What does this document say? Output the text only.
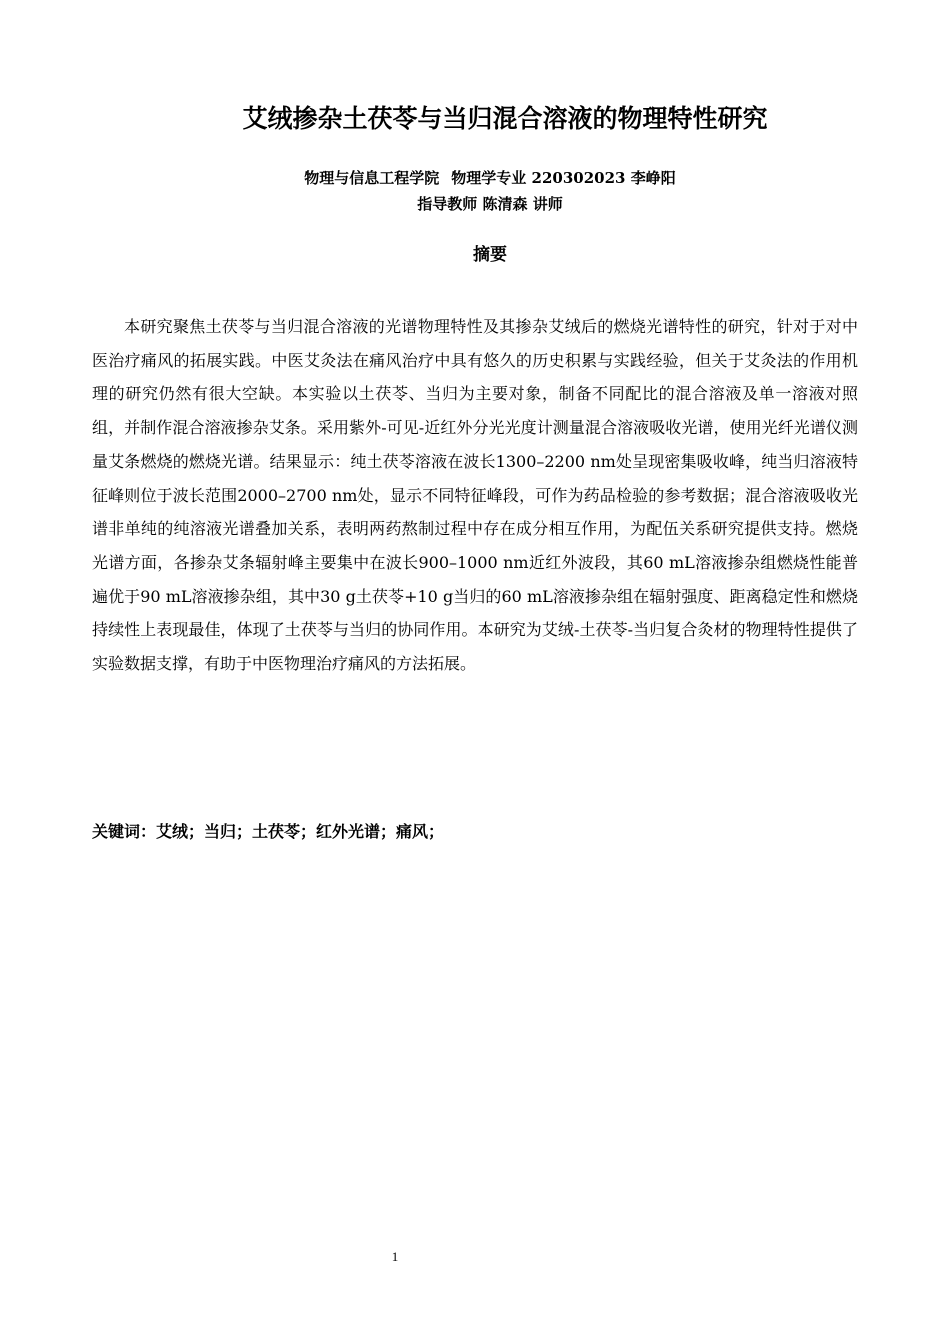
艾绒掺杂土茯苓与当归混合溶液的物理特性研究

物理与信息工程学院 物理学专业 220302023 李峥阳

指导教师 陈清森 讲师

摘要

本研究聚焦土茯苓与当归混合溶液的光谱物理特性及其掺杂艾绒后的燃烧光谱特性的研究，针对于对中医治疗痛风的拓展实践。中医艾灸法在痛风治疗中具有悠久的历史积累与实践经验，但关于艾灸法的作用机理的研究仍然有很大空缺。本实验以土茯苓、当归为主要对象，制备不同配比的混合溶液及单一溶液对照组，并制作混合溶液掺杂艾条。采用紫外-可见-近红外分光光度计测量混合溶液吸收光谱，使用光纤光谱仪测量艾条燃烧的燃烧光谱。结果显示：纯土茯苓溶液在波长1300–2200 nm处呈现密集吸收峰，纯当归溶液特征峰则位于波长范围2000–2700 nm处，显示不同特征峰段，可作为药品检验的参考数据；混合溶液吸收光谱非单纯的纯溶液光谱叠加关系，表明两药熬制过程中存在成分相互作用，为配伍关系研究提供支持。燃烧光谱方面，各掺杂艾条辐射峰主要集中在波长900–1000 nm近红外波段，其60 mL溶液掺杂组燃烧性能普遍优于90 mL溶液掺杂组，其中30 g土茯苓+10 g当归的60 mL溶液掺杂组在辐射强度、距离稳定性和燃烧持续性上表现最佳，体现了土茯苓与当归的协同作用。本研究为艾绒-土茯苓-当归复合灸材的物理特性提供了实验数据支撑，有助于中医物理治疗痛风的方法拓展。

关键词：艾绒；当归；土茯苓；红外光谱；痛风；

1
